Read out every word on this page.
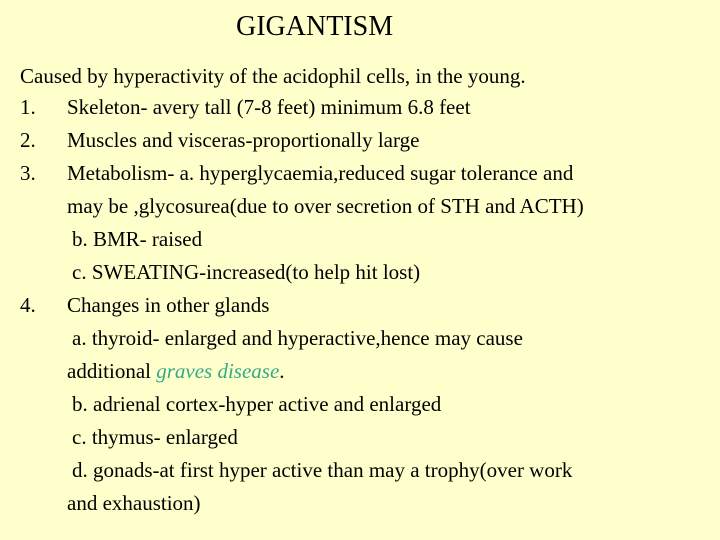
GIGANTISM
Caused by hyperactivity of the acidophil cells, in the young.
1.	Skeleton- avery tall (7-8 feet) minimum 6.8 feet
2.	Muscles and visceras-proportionally large
3.	Metabolism- a. hyperglycaemia,reduced sugar tolerance and
may be ,glycosurea(due to over secretion of STH and ACTH)
b. BMR- raised
c. SWEATING-increased(to help hit lost)
4.	Changes in other glands
a. thyroid- enlarged and hyperactive,hence may cause
additional graves disease.
b. adrienal cortex-hyper active and enlarged
c. thymus- enlarged
d. gonads-at first hyper active than may a trophy(over work
and exhaustion)
